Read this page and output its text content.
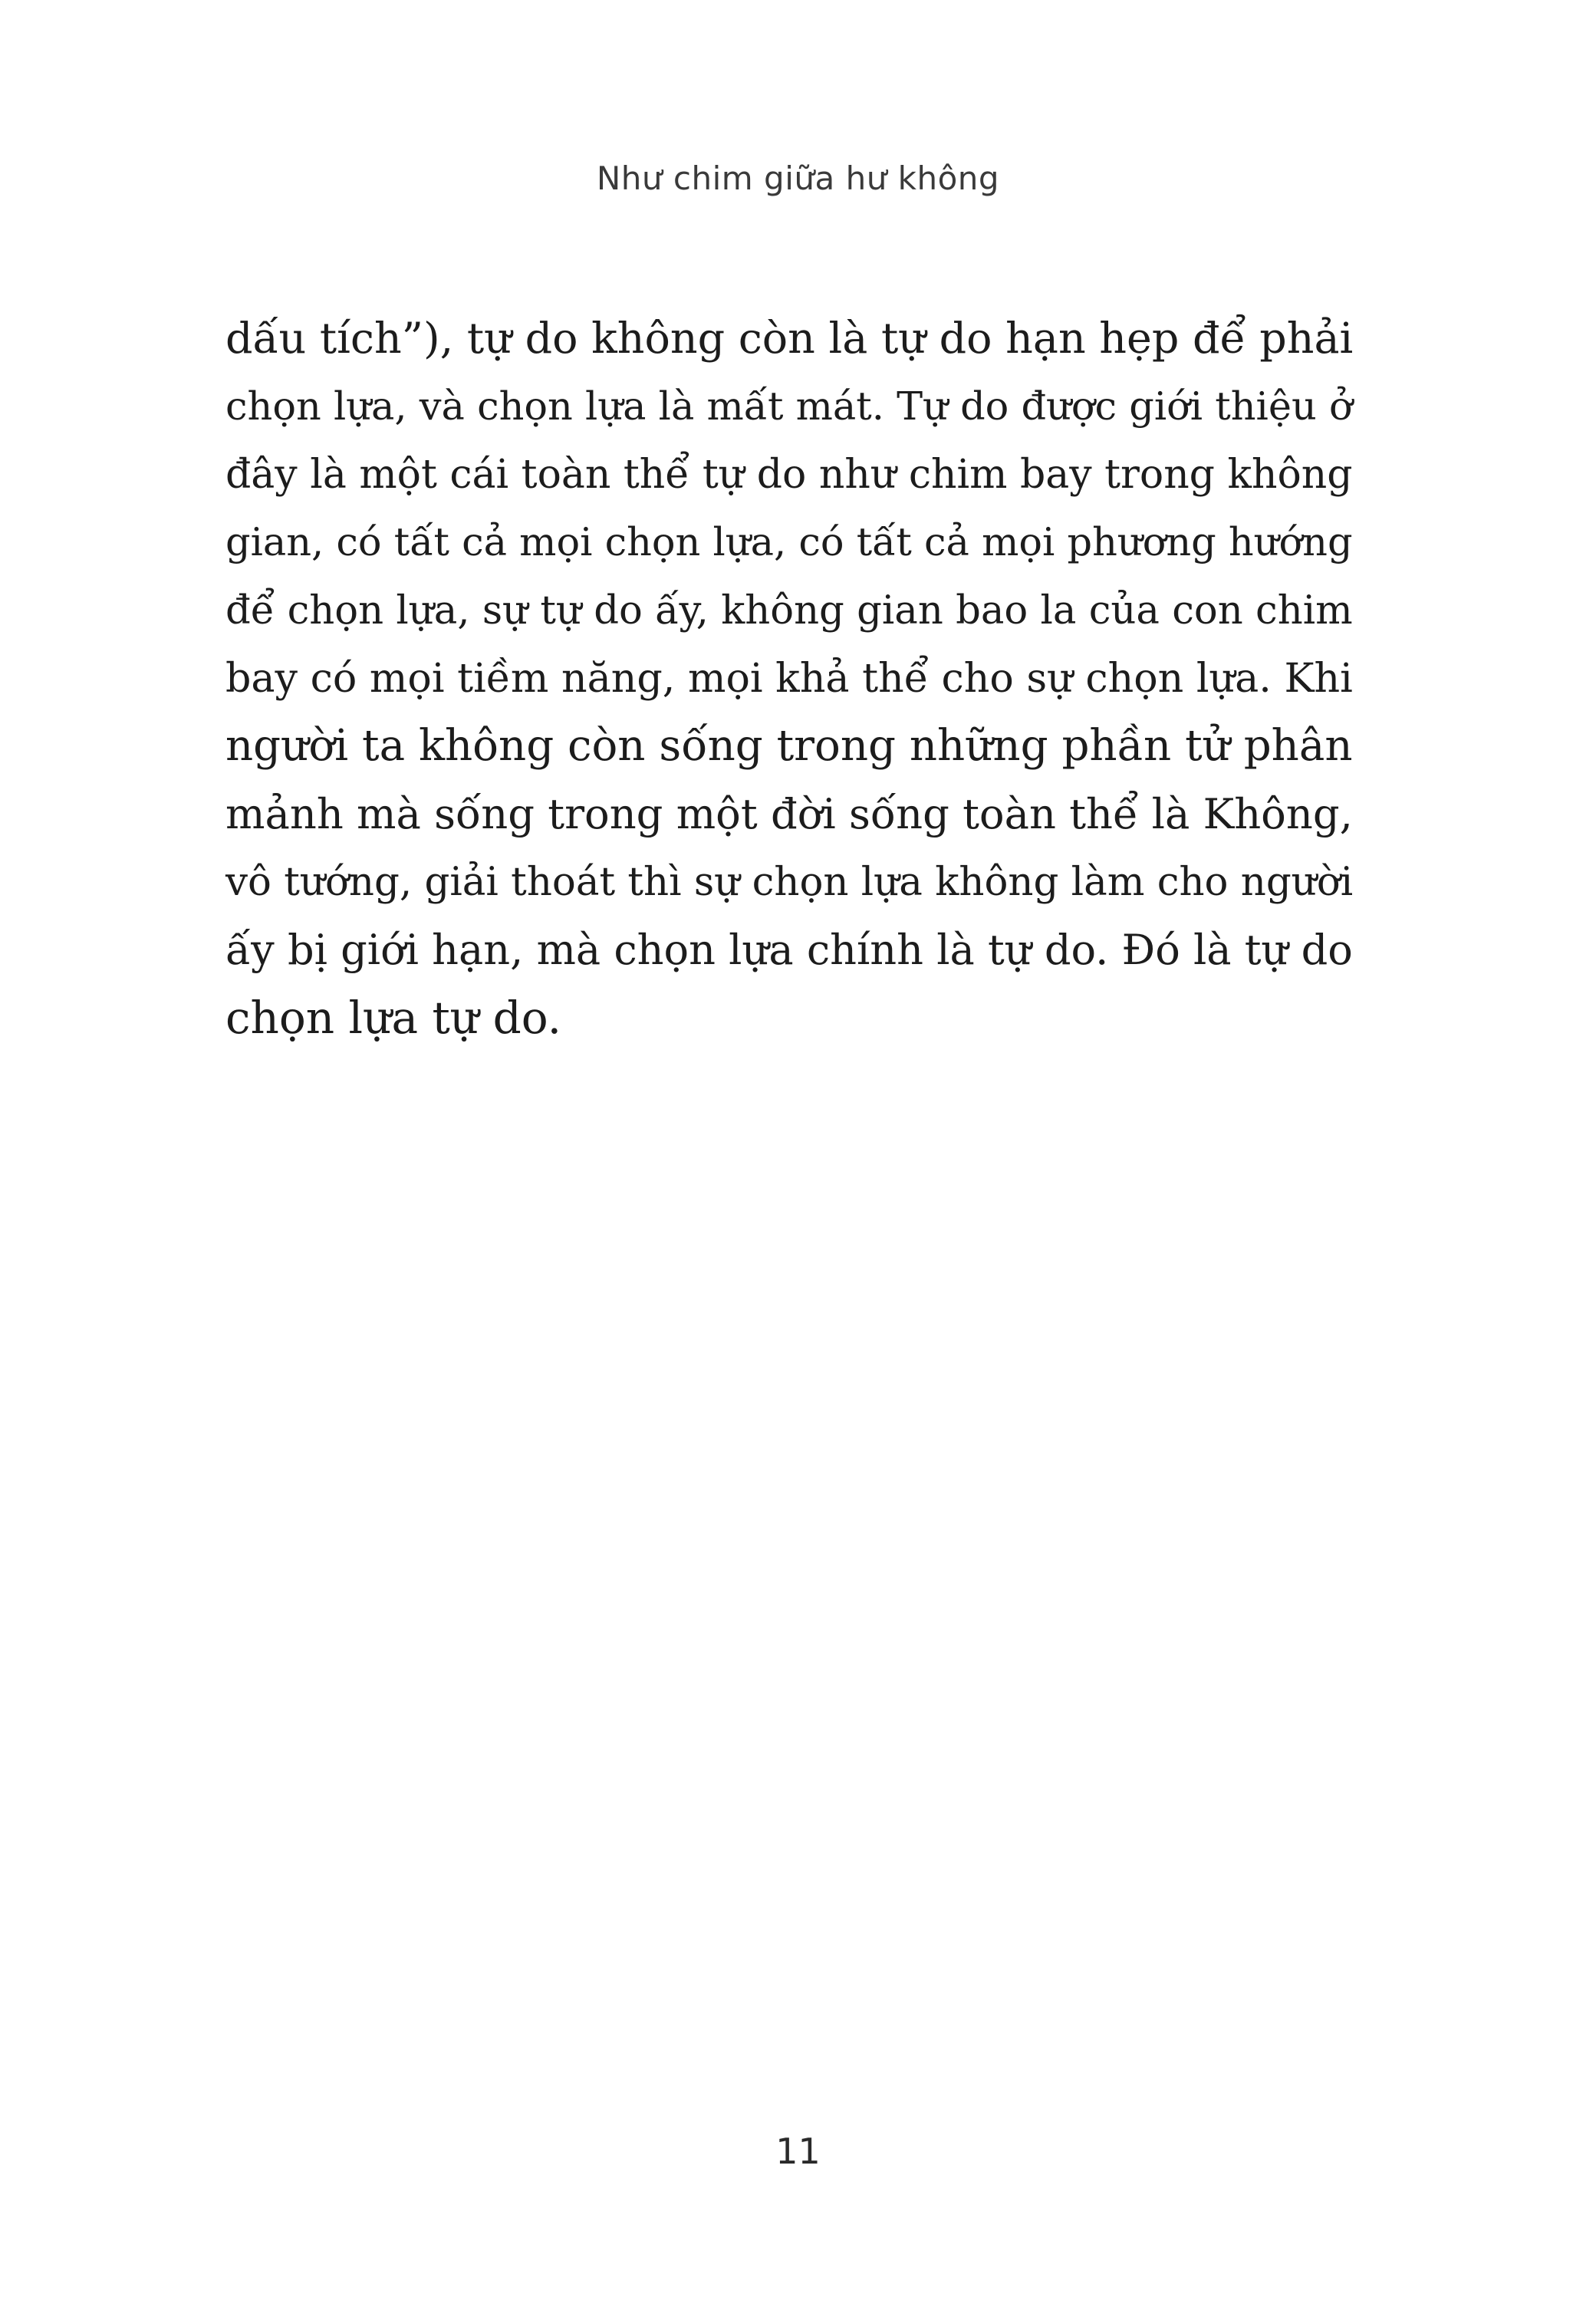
Như chim giữa hư không
dấu tích”), tự do không còn là tự do hạn hẹp để phải
chọn lựa, và chọn lựa là mất mát. Tự do được giới thiệu ở
đây là một cái toàn thể tự do như chim bay trong không
gian, có tất cả mọi chọn lựa, có tất cả mọi phương hướng
để chọn lựa, sự tự do ấy, không gian bao la của con chim
bay có mọi tiềm năng, mọi khả thể cho sự chọn lựa. Khi
người ta không còn sống trong những phần tử phân
mảnh mà sống trong một đời sống toàn thể là Không,
vô tướng, giải thoát thì sự chọn lựa không làm cho người
ấy bị giới hạn, mà chọn lựa chính là tự do. Đó là tự do
chọn lựa tự do.
11
